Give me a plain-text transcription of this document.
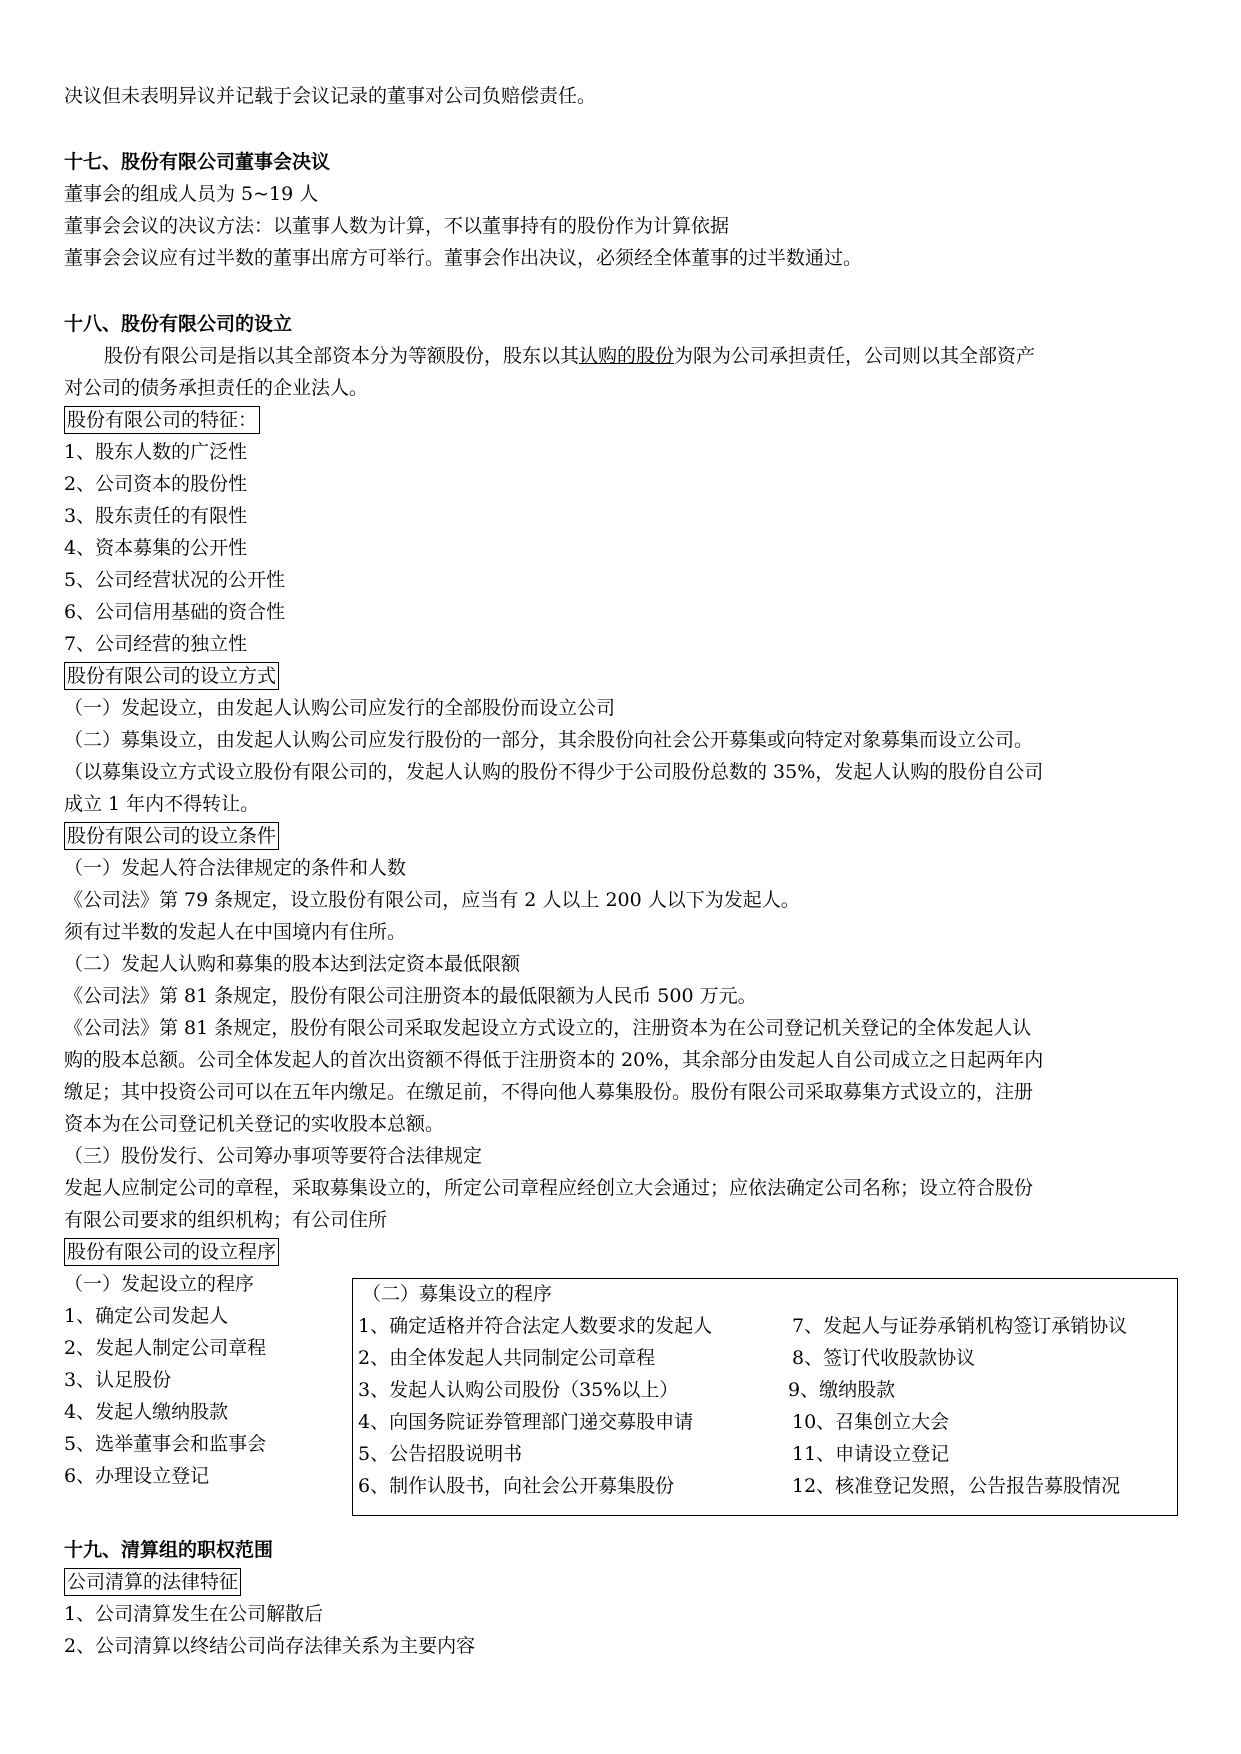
决议但未表明异议并记载于会议记录的董事对公司负赔偿责任。
十七、股份有限公司董事会决议
董事会的组成人员为 5~19 人
董事会会议的决议方法：以董事人数为计算，不以董事持有的股份作为计算依据
董事会会议应有过半数的董事出席方可举行。董事会作出决议，必须经全体董事的过半数通过。
十八、股份有限公司的设立
股份有限公司是指以其全部资本分为等额股份，股东以其认购的股份为限为公司承担责任，公司则以其全部资产
对公司的债务承担责任的企业法人。
股份有限公司的特征：
1、股东人数的广泛性
2、公司资本的股份性
3、股东责任的有限性
4、资本募集的公开性
5、公司经营状况的公开性
6、公司信用基础的资合性
7、公司经营的独立性
股份有限公司的设立方式
（一）发起设立，由发起人认购公司应发行的全部股份而设立公司
（二）募集设立，由发起人认购公司应发行股份的一部分，其余股份向社会公开募集或向特定对象募集而设立公司。
（以募集设立方式设立股份有限公司的，发起人认购的股份不得少于公司股份总数的 35%，发起人认购的股份自公司
成立 1 年内不得转让。
股份有限公司的设立条件
（一）发起人符合法律规定的条件和人数
《公司法》第 79 条规定，设立股份有限公司，应当有 2 人以上 200 人以下为发起人。
须有过半数的发起人在中国境内有住所。
（二）发起人认购和募集的股本达到法定资本最低限额
《公司法》第 81 条规定，股份有限公司注册资本的最低限额为人民币 500 万元。
《公司法》第 81 条规定，股份有限公司采取发起设立方式设立的，注册资本为在公司登记机关登记的全体发起人认
购的股本总额。公司全体发起人的首次出资额不得低于注册资本的 20%，其余部分由发起人自公司成立之日起两年内
缴足；其中投资公司可以在五年内缴足。在缴足前，不得向他人募集股份。股份有限公司采取募集方式设立的，注册
资本为在公司登记机关登记的实收股本总额。
（三）股份发行、公司筹办事项等要符合法律规定
发起人应制定公司的章程，采取募集设立的，所定公司章程应经创立大会通过；应依法确定公司名称；设立符合股份
有限公司要求的组织机构；有公司住所
股份有限公司的设立程序
（一）发起设立的程序
1、确定公司发起人
2、发起人制定公司章程
3、认足股份
4、发起人缴纳股款
5、选举董事会和监事会
6、办理设立登记
（二）募集设立的程序
1、确定适格并符合法定人数要求的发起人
2、由全体发起人共同制定公司章程
3、发起人认购公司股份（35%以上）
4、向国务院证券管理部门递交募股申请
5、公告招股说明书
6、制作认股书，向社会公开募集股份
7、发起人与证券承销机构签订承销协议
8、签订代收股款协议
9、缴纳股款
10、召集创立大会
11、申请设立登记
12、核准登记发照，公告报告募股情况
十九、清算组的职权范围
公司清算的法律特征
1、公司清算发生在公司解散后
2、公司清算以终结公司尚存法律关系为主要内容
